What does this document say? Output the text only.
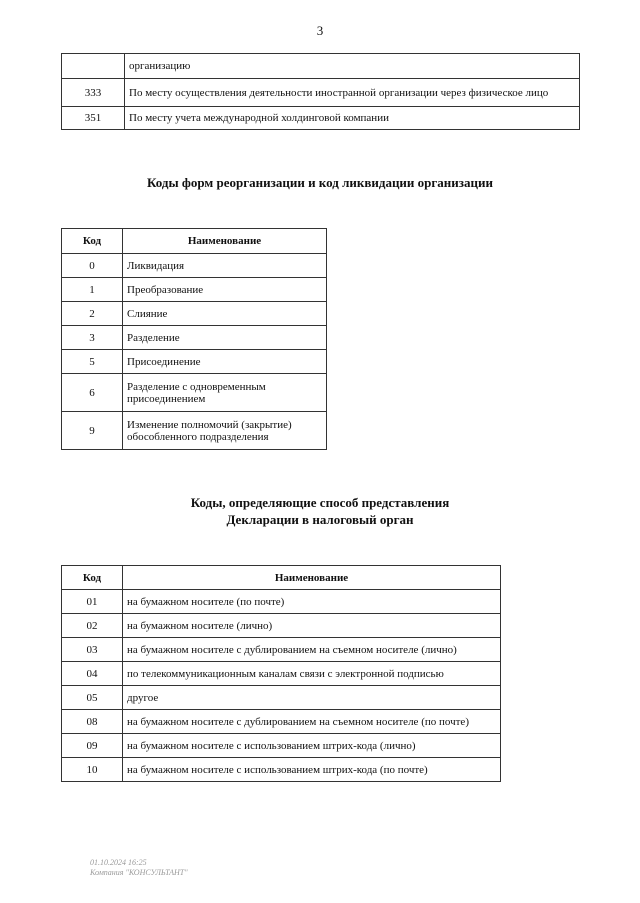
3
	организацию
333	По месту осуществления деятельности иностранной организации через физическое лицо
351	По месту учета международной холдинговой компании
Коды форм реорганизации и код ликвидации организации
Код	Наименование
0	Ликвидация
1	Преобразование
2	Слияние
3	Разделение
5	Присоединение
6	Разделение с одновременным присоединением
9	Изменение полномочий (закрытие) обособленного подразделения
Коды, определяющие способ представления
Декларации в налоговый орган
Код	Наименование
01	на бумажном носителе (по почте)
02	на бумажном носителе (лично)
03	на бумажном носителе с дублированием на съемном носителе (лично)
04	по телекоммуникационным каналам связи с электронной подписью
05	другое
08	на бумажном носителе с дублированием на съемном носителе (по почте)
09	на бумажном носителе с использованием штрих-кода (лично)
10	на бумажном носителе с использованием штрих-кода (по почте)
01.10.2024 16:25
Компания "КОНСУЛЬТАНТ"
